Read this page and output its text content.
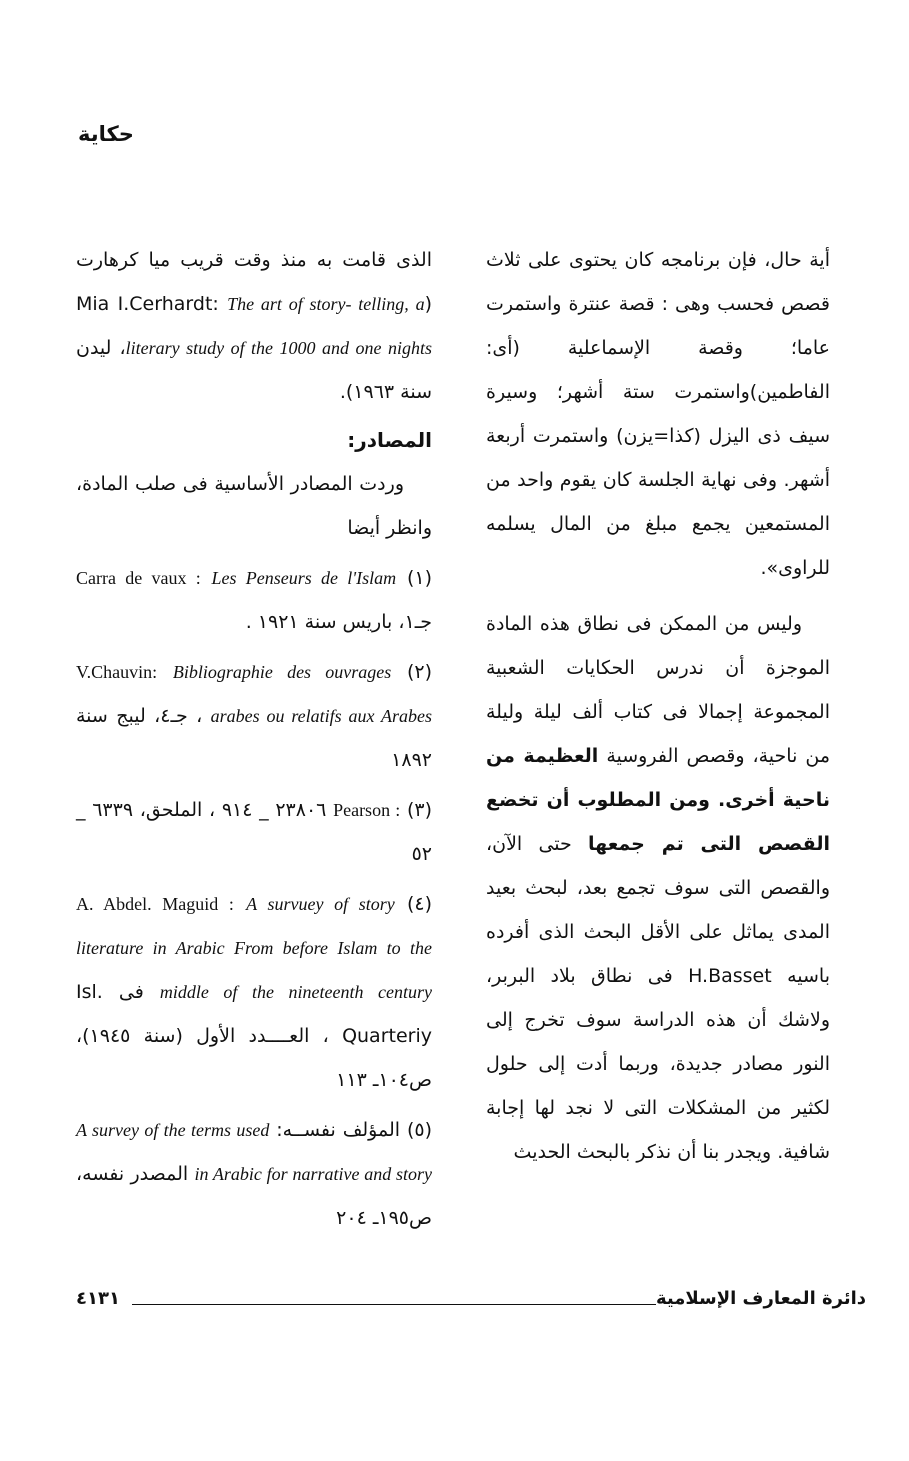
حكاية

أية حال، فإن برنامجه كان يحتوى على ثلاث قصص فحسب وهى : قصة عنترة واستمرت عاما؛ وقصة الإسماعلية (أى: الفاطمين)واستمرت ستة أشهر؛ وسيرة سيف ذى اليزل (كذا=يزن) واستمرت أربعة أشهر. وفى نهاية الجلسة كان يقوم واحد من المستمعين يجمع مبلغ من المال يسلمه للراوى».

وليس من الممكن فى نطاق هذه المادة الموجزة أن ندرس الحكايات الشعبية المجموعة إجمالا فى كتاب ألف ليلة وليلة من ناحية، وقصص الفروسية العظيمة من ناحية أخرى. ومن المطلوب أن تخضع القصص التى تم جمعها حتى الآن، والقصص التى سوف تجمع بعد، لبحث بعيد المدى يماثل على الأقل البحث الذى أفرده باسيه H.Basset فى نطاق بلاد البربر، ولاشك أن هذه الدراسة سوف تخرج إلى النور مصادر جديدة، وربما أدت إلى حلول لكثير من المشكلات التى لا نجد لها إجابة شافية. ويجدر بنا أن نذكر بالبحث الحديث

الذى قامت به منذ وقت قريب ميا كرهارت (Mia I.Cerhardt: The art of story- telling, a literary study of the 1000 and one nights، ليدن سنة ١٩٦٣).

المصادر:

وردت المصادر الأساسية فى صلب المادة، وانظر أيضا

(١) Carra de vaux : Les Penseurs de l'Islam جـ١، باريس سنة ١٩٢١ .

(٢) V.Chauvin: Bibliographie des ouvrages arabes ou relatifs aux Arabes ، جـ٤، ليبج سنة ١٨٩٢

(٣) Pearson : ٢٣٨٠٦ _ ٩١٤ ، الملحق، ٦٣٣٩ _ ٥٢

(٤) A. Abdel. Maguid : A survuey of story literature in Arabic From before Islam to the middle of the nineteenth century فى Isl. Quarteriy ، العــــدد الأول (سنة ١٩٤٥)، ص١٠٤ـ ١١٣

(٥) المؤلف نفســه: A survey of the terms used in Arabic for narrative and story المصدر نفسه، ص١٩٥ـ ٢٠٤

٤١٣١	دائرة المعارف الإسلامية
